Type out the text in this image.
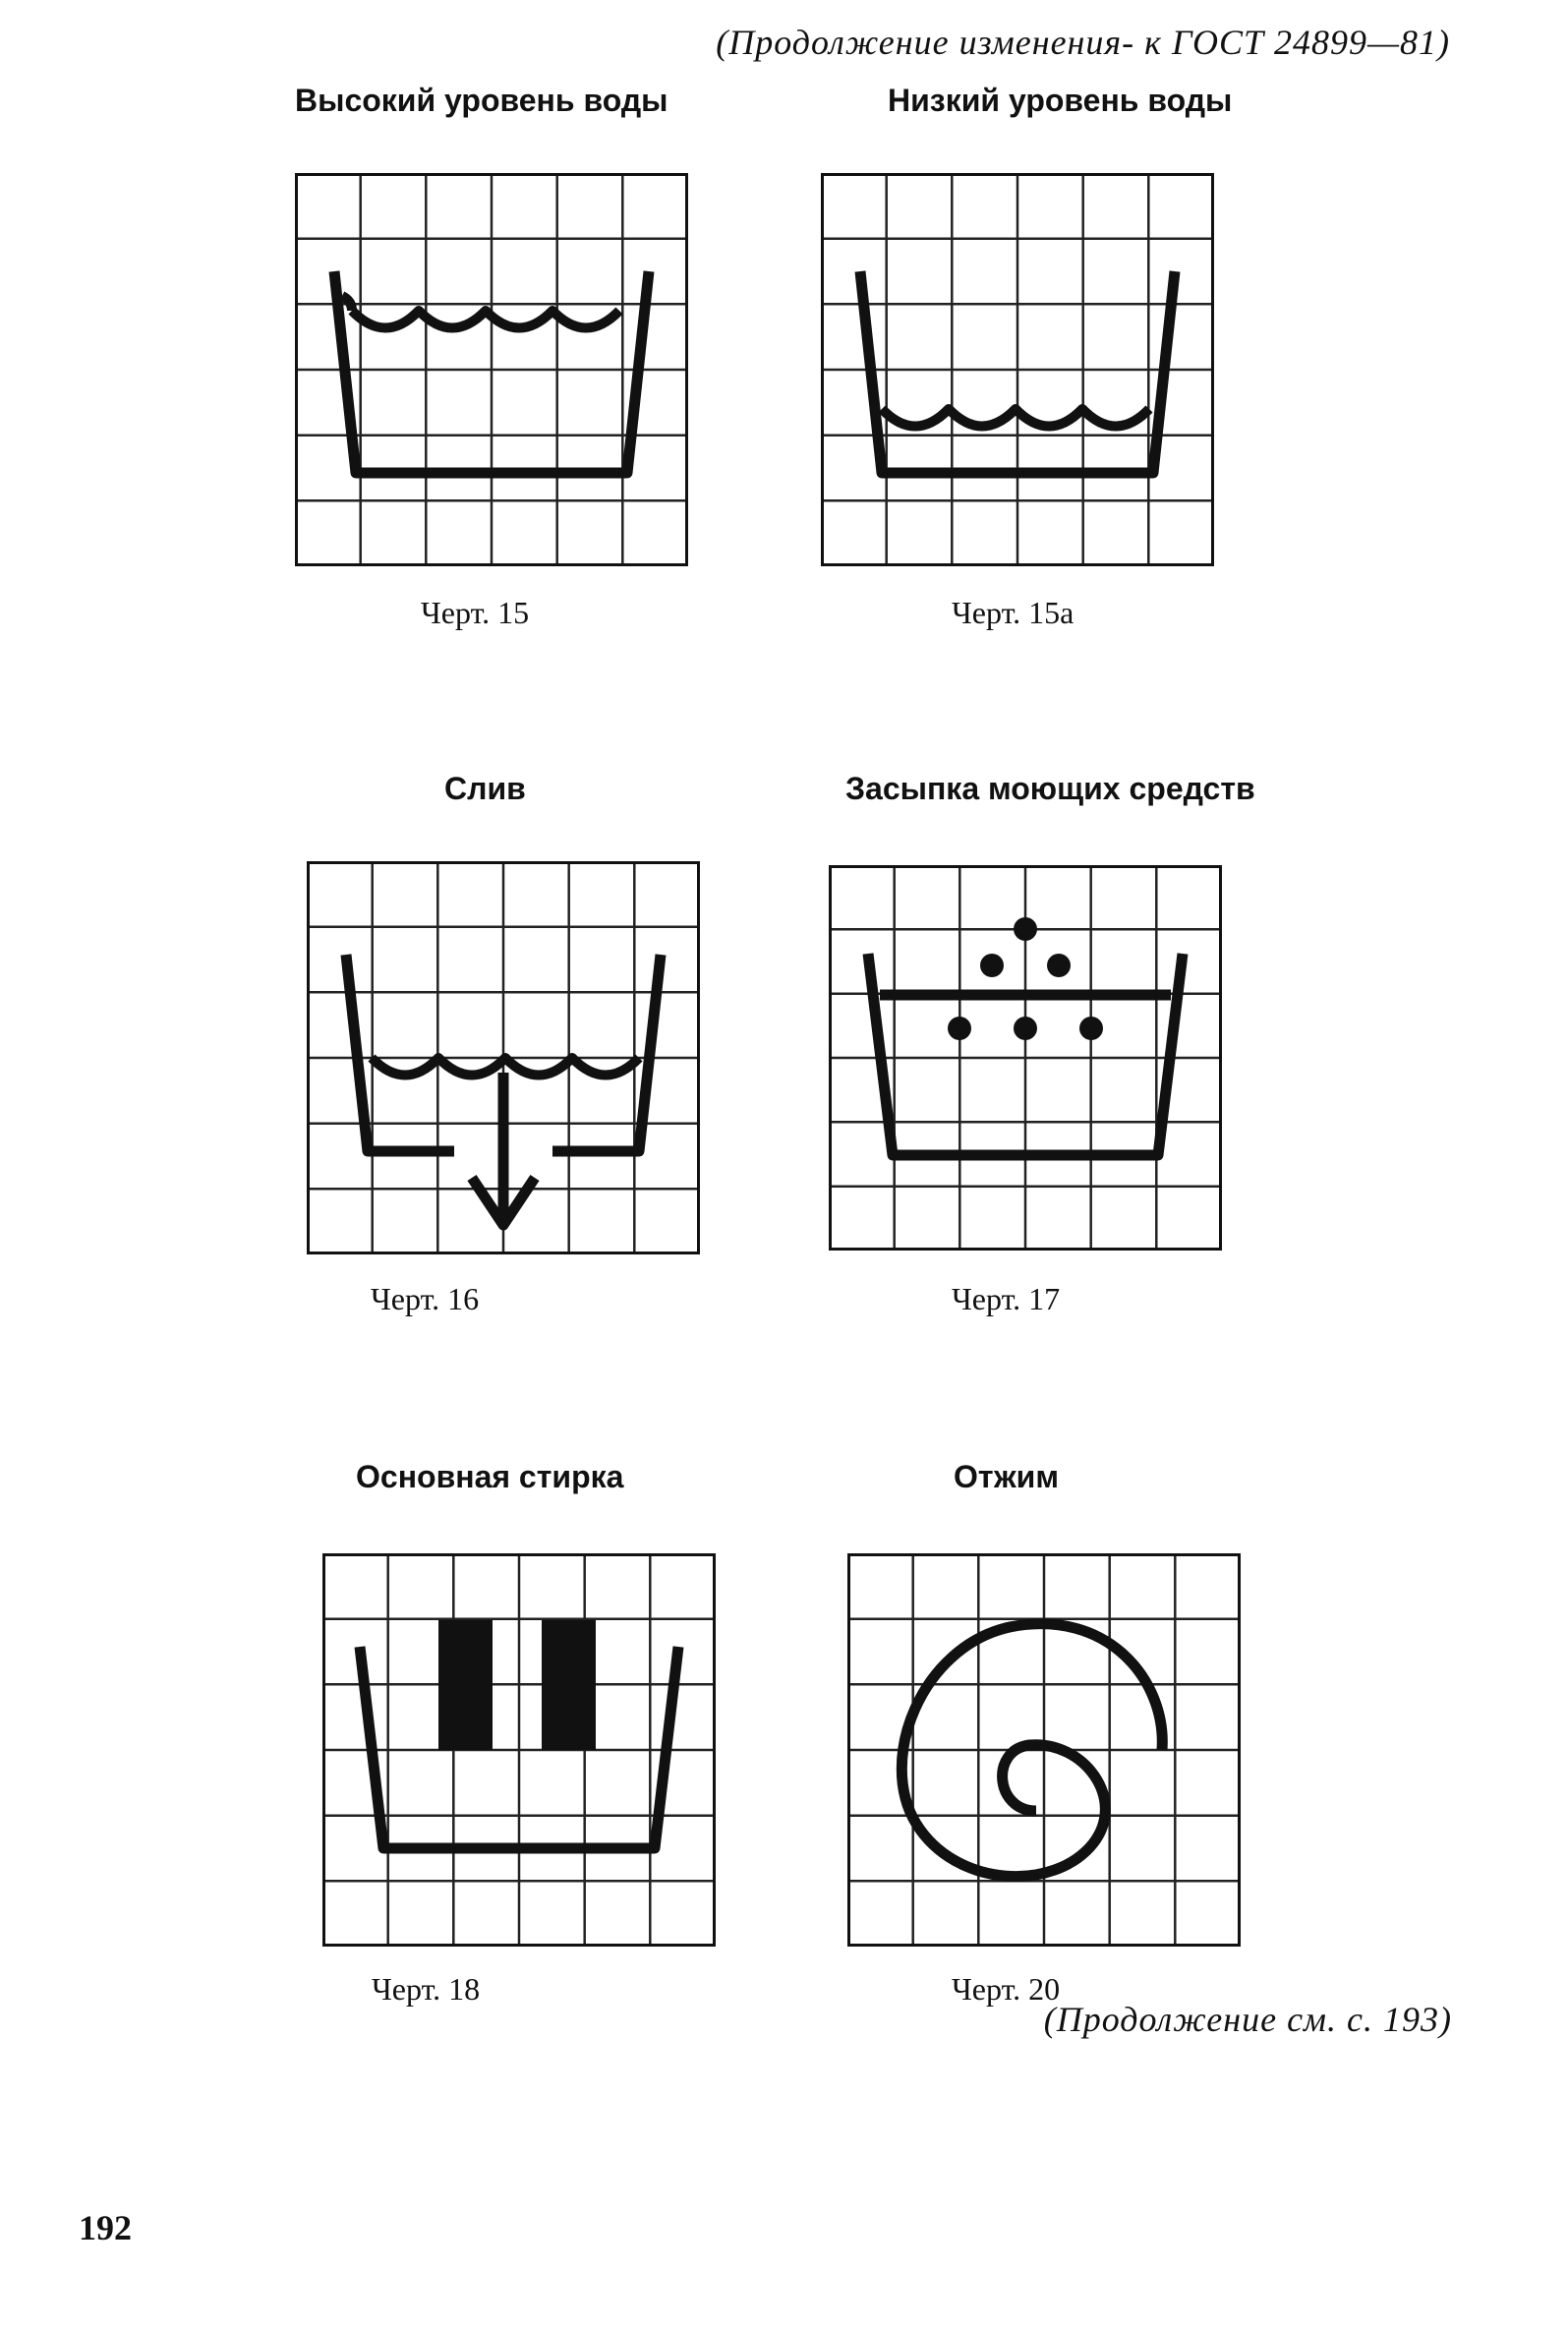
(Продолжение изменения- к ГОСТ 24899—81)
Высокий уровень воды
Черт. 15
Низкий уровень воды
Черт. 15а
Слив
Черт. 16
Засыпка моющих средств
Черт. 17
Основная стирка
Черт. 18
Отжим
Черт. 20
(Продолжение см. с. 193)
192
